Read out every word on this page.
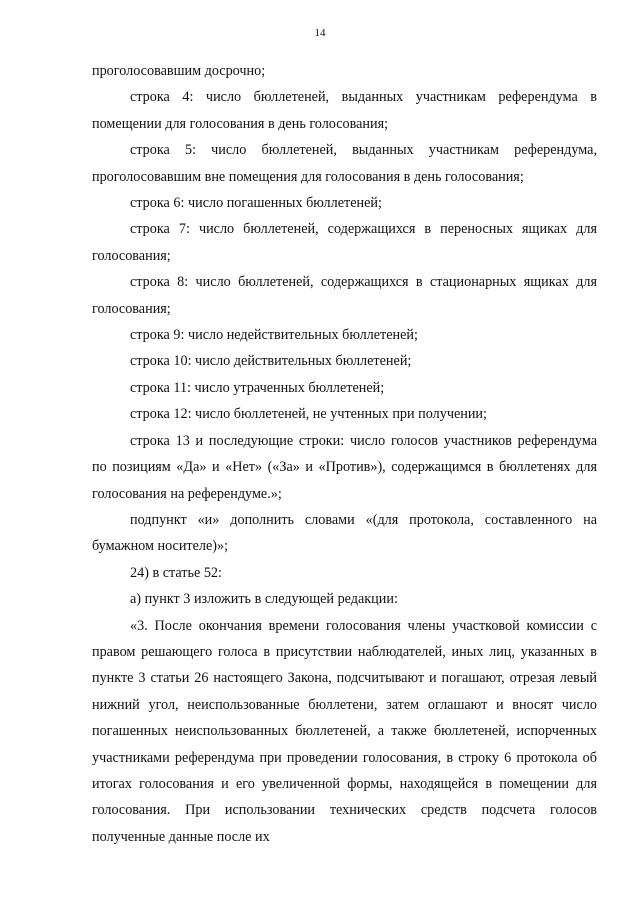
14

проголосовавшим досрочно;

строка 4: число бюллетеней, выданных участникам референдума в помещении для голосования в день голосования;

строка 5: число бюллетеней, выданных участникам референдума, проголосовавшим вне помещения для голосования в день голосования;

строка 6: число погашенных бюллетеней;

строка 7: число бюллетеней, содержащихся в переносных ящиках для голосования;

строка 8: число бюллетеней, содержащихся в стационарных ящиках для голосования;

строка 9: число недействительных бюллетеней;

строка 10: число действительных бюллетеней;

строка 11: число утраченных бюллетеней;

строка 12: число бюллетеней, не учтенных при получении;

строка 13 и последующие строки: число голосов участников референдума по позициям «Да» и «Нет» («За» и «Против»), содержащимся в бюллетенях для голосования на референдуме.»;

подпункт «и» дополнить словами «(для протокола, составленного на бумажном носителе)»;

24) в статье 52:

а) пункт 3 изложить в следующей редакции:

«3. После окончания времени голосования члены участковой комиссии с правом решающего голоса в присутствии наблюдателей, иных лиц, указанных в пункте 3 статьи 26 настоящего Закона, подсчитывают и погашают, отрезая левый нижний угол, неиспользованные бюллетени, затем оглашают и вносят число погашенных неиспользованных бюллетеней, а также бюллетеней, испорченных участниками референдума при проведении голосования, в строку 6 протокола об итогах голосования и его увеличенной формы, находящейся в помещении для голосования. При использовании технических средств подсчета голосов полученные данные после их
